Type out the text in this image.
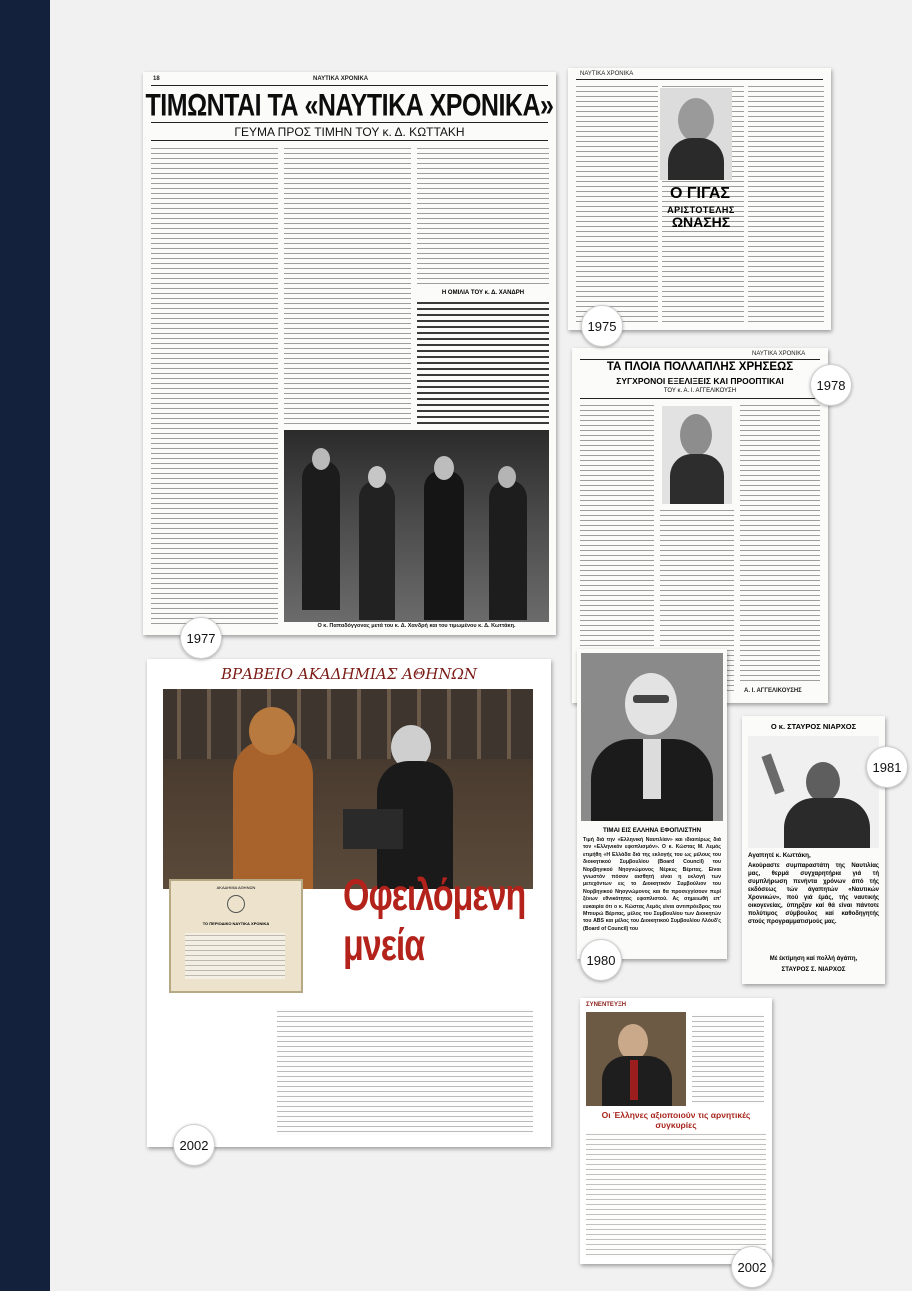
18	ΝΑΥΤΙΚΑ ΧΡΟΝΙΚΑ
ΤΙΜΩΝΤΑΙ ΤΑ «ΝΑΥΤΙΚΑ ΧΡΟΝΙΚΑ»
ΓΕΥΜΑ ΠΡΟΣ ΤΙΜΗΝ ΤΟΥ κ. Δ. ΚΩΤΤΑΚΗ
Η ΟΜΙΛΙΑ ΤΟΥ κ. Δ. ΧΑΝΔΡΗ
Ο κ. Παπαδόγγονας μετά του κ. Δ. Χανδρή και του τιμωμένου κ. Δ. Κωττάκη.
1977
ΝΑΥΤΙΚΑ ΧΡΟΝΙΚΑ
Ο ΓΙΓΑΣ
ΑΡΙΣΤΟΤΕΛΗΣ
ΩΝΑΣΗΣ
1975
ΝΑΥΤΙΚΑ ΧΡΟΝΙΚΑ
ΤΑ ΠΛΟΙΑ ΠΟΛΛΑΠΛΗΣ ΧΡΗΣΕΩΣ
ΣΥΓΧΡΟΝΟΙ ΕΞΕΛΙΞΕΙΣ ΚΑΙ ΠΡΟΟΠΤΙΚΑΙ
ΤΟΥ κ. Α. Ι. ΑΓΓΕΛΙΚΟΥΣΗ
Α. Ι. ΑΓΓΕΛΙΚΟΥΣΗΣ
1978
ΤΙΜΑΙ ΕΙΣ ΕΛΛΗΝΑ ΕΦΟΠΛΙΣΤΗΝ
Τιμή διά την «Ελληνική Ναυτιλίαν» και ιδιαιτέρως διά τον «Ελληνικόν εφοπλισμόν». Ο κ. Κώστας Μ. Λεμός ετιμήθη «Η Ελλάδα διά της εκλογής του ως μέλους του διοικητικού Συμβουλίου (Board Council) του Νορβηγικού Νηογνώμονος Νέρκες Βέριτας. Είναι γνωστόν πόσον αισθητή είναι η εκλογή των μετεχόντων εις το Διοικητικόν Συμβούλιον του Νορβηγικού Νηογνώμονος και θα προσεγγίσουν περί ξένων εθνικότητος εφοπλιστού. Ας σημειωθή επ' ευκαιρία ότι ο κ. Κώστας Λεμός είναι αντιπρόεδρος του Μπιυρώ Βέριτας, μέλος του Συμβουλίου των Διοικητών του ABS και μέλος του Διοικητικού Συμβουλίου Λλόυδ'ς (Board of Council) του
1980
Ο κ. ΣΤΑΥΡΟΣ ΝΙΑΡΧΟΣ
Αγαπητέ κ. Κωττάκη,
Ακούραστε συμπαραστάτη της Ναυτιλίας μας, θερμά συγχαρητήρια γιά τή συμπλήρωση πενήντα χρόνων άπό τής εκδόσεως τών άγαπητών «Ναυτικών Χρονικών», πού γιά έμάς, τής ναυτικής οικογενείας, ύπηρξαν καί θά είναι πάντοτε πολύτιμος σύμβουλος καί καθοδηγητής στούς προγραμματισμούς μας.
Μέ έκτίμηση καί πολλή άγάπη,
ΣΤΑΥΡΟΣ Σ. ΝΙΑΡΧΟΣ
1981
ΒΡΑΒΕΙΟ ΑΚΑΔΗΜΙΑΣ ΑΘΗΝΩΝ
ΑΚΑΔΗΜΙΑ ΑΘΗΝΩΝ
ΤΟ ΠΕΡΙΟΔΙΚΟ ΝΑΥΤΙΚΑ ΧΡΟΝΙΚΑ
Οφειλόμενη
μνεία
2002
ΣΥΝΕΝΤΕΥΞΗ
Οι Έλληνες αξιοποιούν τις αρνητικές συγκυρίες
2002
